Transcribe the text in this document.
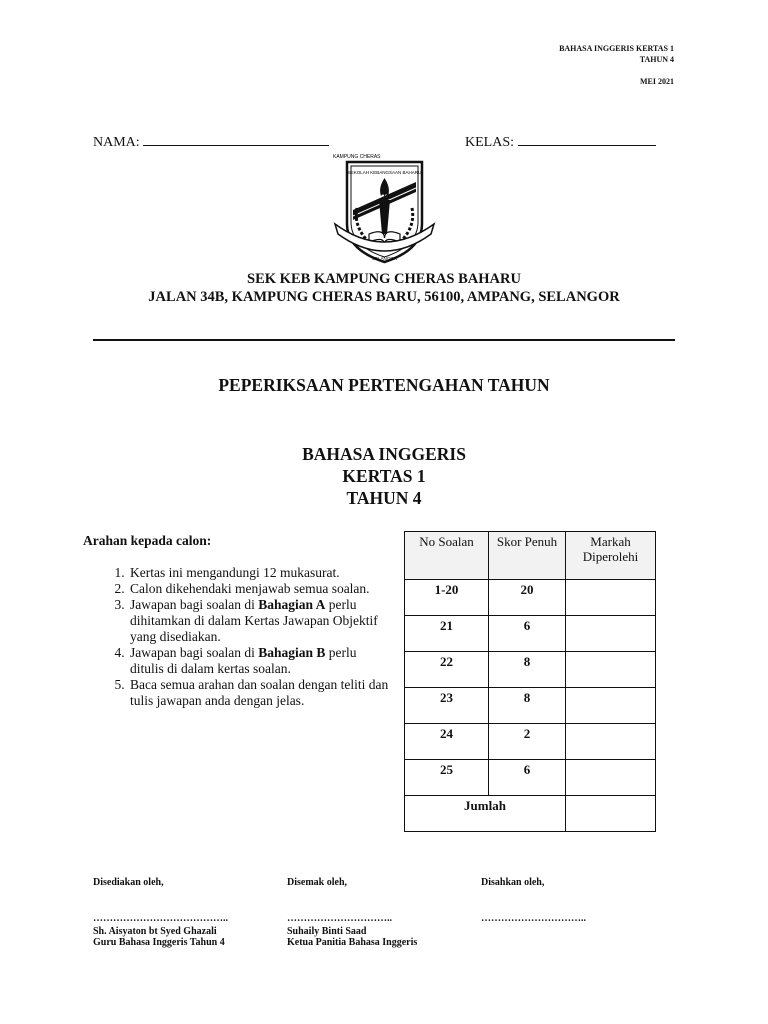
BAHASA INGGERIS KERTAS 1
TAHUN 4
MEI 2021
NAMA:	KELAS:
SEKOLAH KEBANGSAAN BAHARU
KAMPUNG CHERAS
SELANGOR
SEK KEB KAMPUNG CHERAS BAHARU
JALAN 34B, KAMPUNG CHERAS BARU, 56100, AMPANG, SELANGOR
PEPERIKSAAN PERTENGAHAN TAHUN
BAHASA INGGERIS
KERTAS 1
TAHUN 4
Arahan kepada calon:
1. Kertas ini mengandungi 12 mukasurat.
2. Calon dikehendaki menjawab semua soalan.
3. Jawapan bagi soalan di Bahagian A perlu dihitamkan di dalam Kertas Jawapan Objektif yang disediakan.
4. Jawapan bagi soalan di Bahagian B perlu ditulis di dalam kertas soalan.
5. Baca semua arahan dan soalan dengan teliti dan tulis jawapan anda dengan jelas.
No Soalan	Skor Penuh	Markah Diperolehi
1-20	20	
21	6	
22	8	
23	8	
24	2	
25	6	
Jumlah		
Disediakan oleh,
…………………………………..
Sh. Aisyaton bt Syed Ghazali
Guru Bahasa Inggeris Tahun 4
Disemak oleh,
…………………………..
Suhaily Binti Saad
Ketua Panitia Bahasa Inggeris
Disahkan oleh,
…………………………..
